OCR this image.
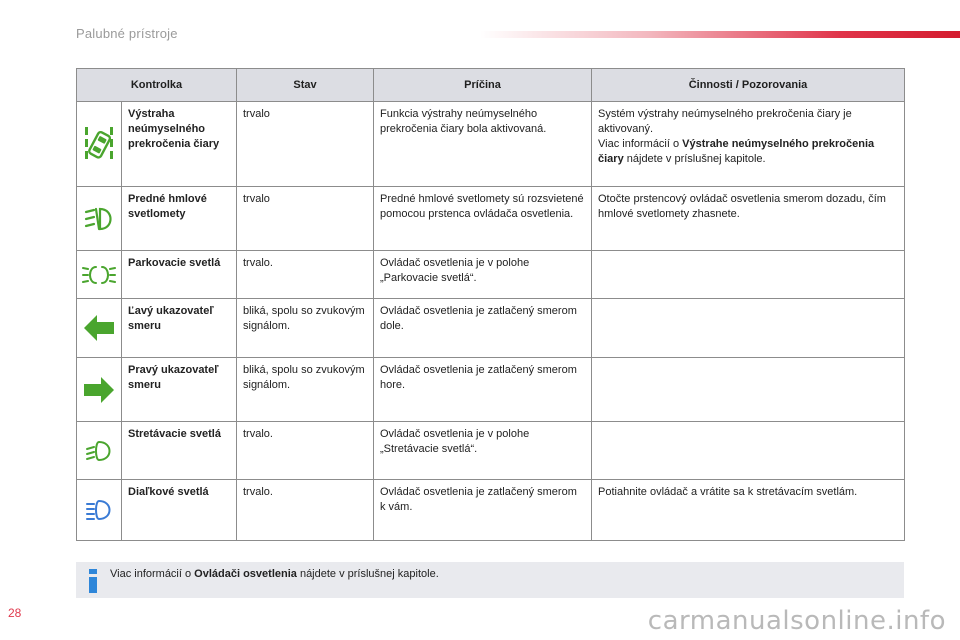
Palubné prístroje
Kontrolka		Stav	Príčina	Činnosti / Pozorovania

	Výstraha neúmyselného prekročenia čiary	trvalo	Funkcia výstrahy neúmyselného prekročenia čiary bola aktivovaná.	Systém výstrahy neúmyselného prekročenia čiary je aktivovaný.
Viac informácií o Výstrahe neúmyselného prekročenia čiary nájdete v príslušnej kapitole.

	Predné hmlové svetlomety	trvalo	Predné hmlové svetlomety sú rozsvietené pomocou prstenca ovládača osvetlenia.	Otočte prstencový ovládač osvetlenia smerom dozadu, čím hmlové svetlomety zhasnete.

	Parkovacie svetlá	trvalo.	Ovládač osvetlenia je v polohe „Parkovacie svetlá“.	

	Ľavý ukazovateľ smeru	bliká, spolu so zvukovým signálom.	Ovládač osvetlenia je zatlačený smerom dole.	

	Pravý ukazovateľ smeru	bliká, spolu so zvukovým signálom.	Ovládač osvetlenia je zatlačený smerom hore.	

	Stretávacie svetlá	trvalo.	Ovládač osvetlenia je v polohe „Stretávacie svetlá“.	

	Diaľkové svetlá	trvalo.	Ovládač osvetlenia je zatlačený smerom k vám.	Potiahnite ovládač a vrátite sa k stretávacím svetlám.
Viac informácií o Ovládači osvetlenia nájdete v príslušnej kapitole.
28	carmanualsonline.info
